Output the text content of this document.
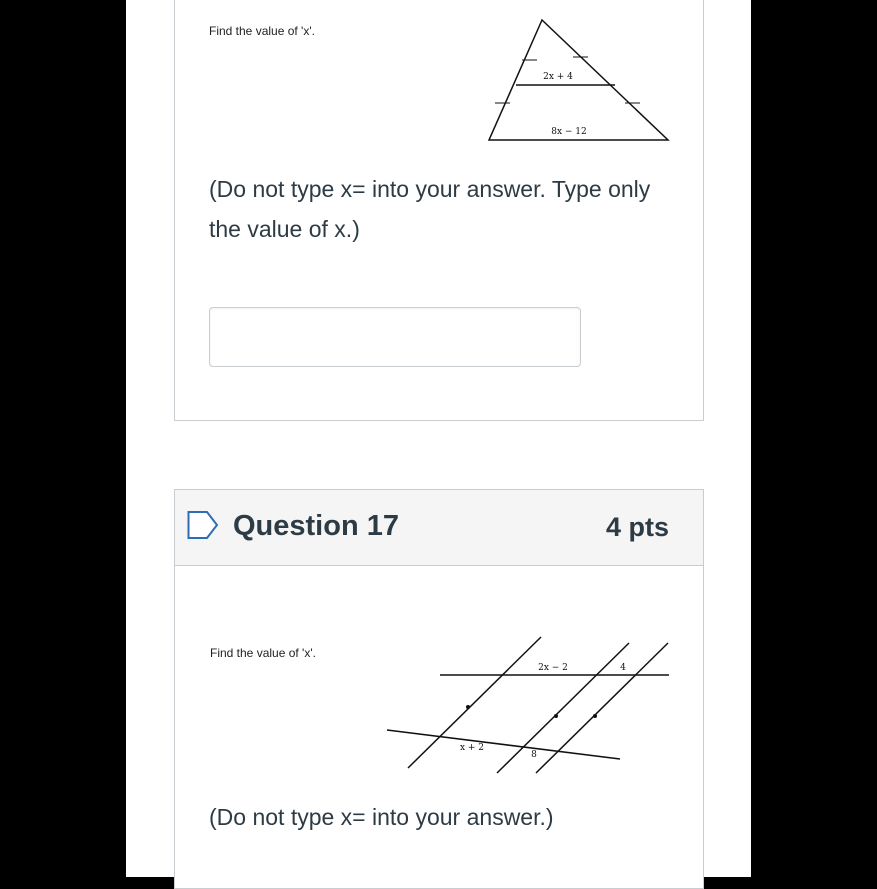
Find the value of 'x'.
2x + 4
8x − 12
(Do not type x= into your answer. Type only the value of x.)
Question 17	4 pts
Find the value of 'x'.
2x − 2	4
x + 2
8
(Do not type x= into your answer.)
